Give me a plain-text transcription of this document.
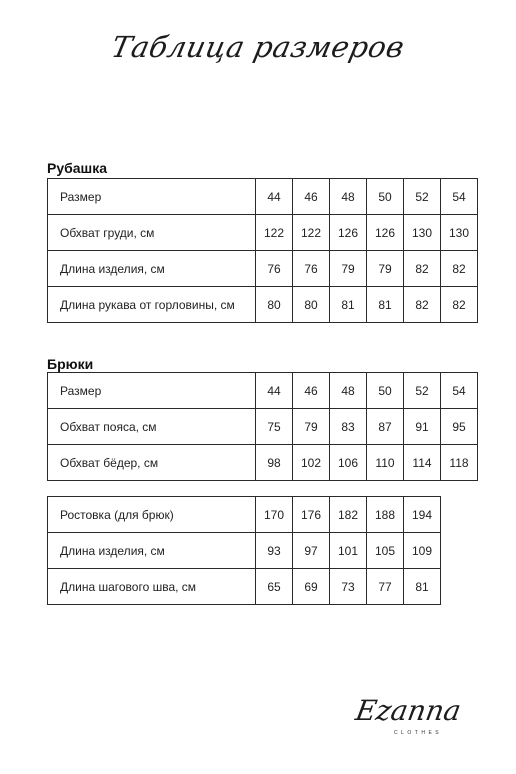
Таблица размеров
Рубашка
Размер	44	46	48	50	52	54
Обхват груди, см	122	122	126	126	130	130
Длина изделия, см	76	76	79	79	82	82
Длина рукава от горловины, см	80	80	81	81	82	82
Брюки
Размер	44	46	48	50	52	54
Обхват пояса, см	75	79	83	87	91	95
Обхват бёдер, см	98	102	106	110	114	118
Ростовка (для брюк)	170	176	182	188	194
Длина изделия, см	93	97	101	105	109
Длина шагового шва, см	65	69	73	77	81
Ezanna
CLOTHES
